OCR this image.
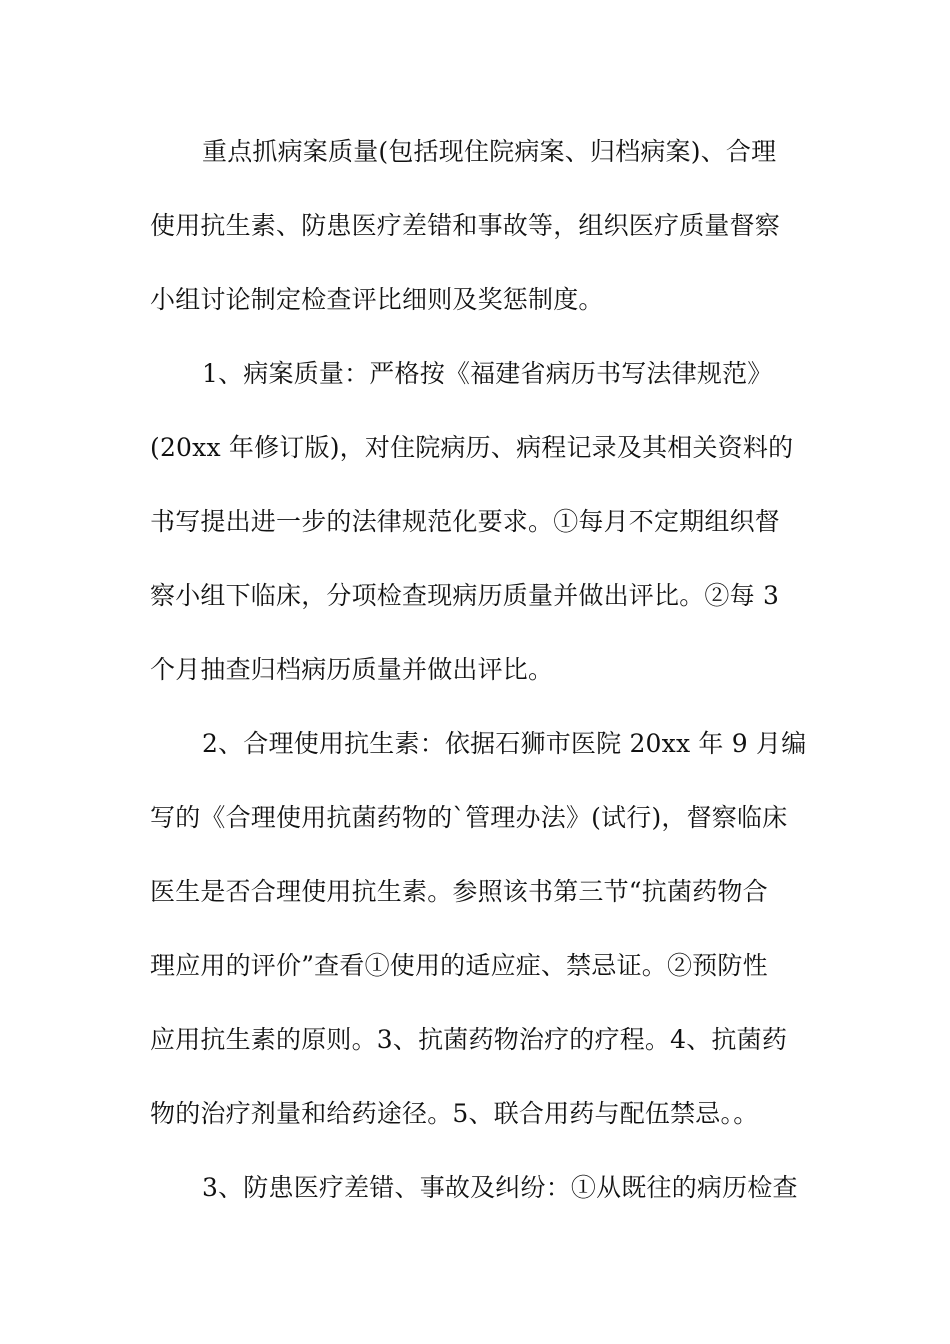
重点抓病案质量(包括现住院病案、归档病案)、合理
使用抗生素、防患医疗差错和事故等，组织医疗质量督察
小组讨论制定检查评比细则及奖惩制度。

1、病案质量：严格按《福建省病历书写法律规范》
(20xx 年修订版)，对住院病历、病程记录及其相关资料的
书写提出进一步的法律规范化要求。①每月不定期组织督
察小组下临床，分项检查现病历质量并做出评比。②每 3
个月抽查归档病历质量并做出评比。

2、合理使用抗生素：依据石狮市医院 20xx 年 9 月编
写的《合理使用抗菌药物的`管理办法》(试行)，督察临床
医生是否合理使用抗生素。参照该书第三节“抗菌药物合
理应用的评价”查看①使用的适应症、禁忌证。②预防性
应用抗生素的原则。3、抗菌药物治疗的疗程。4、抗菌药
物的治疗剂量和给药途径。5、联合用药与配伍禁忌。。

3、防患医疗差错、事故及纠纷：①从既往的病历检查
